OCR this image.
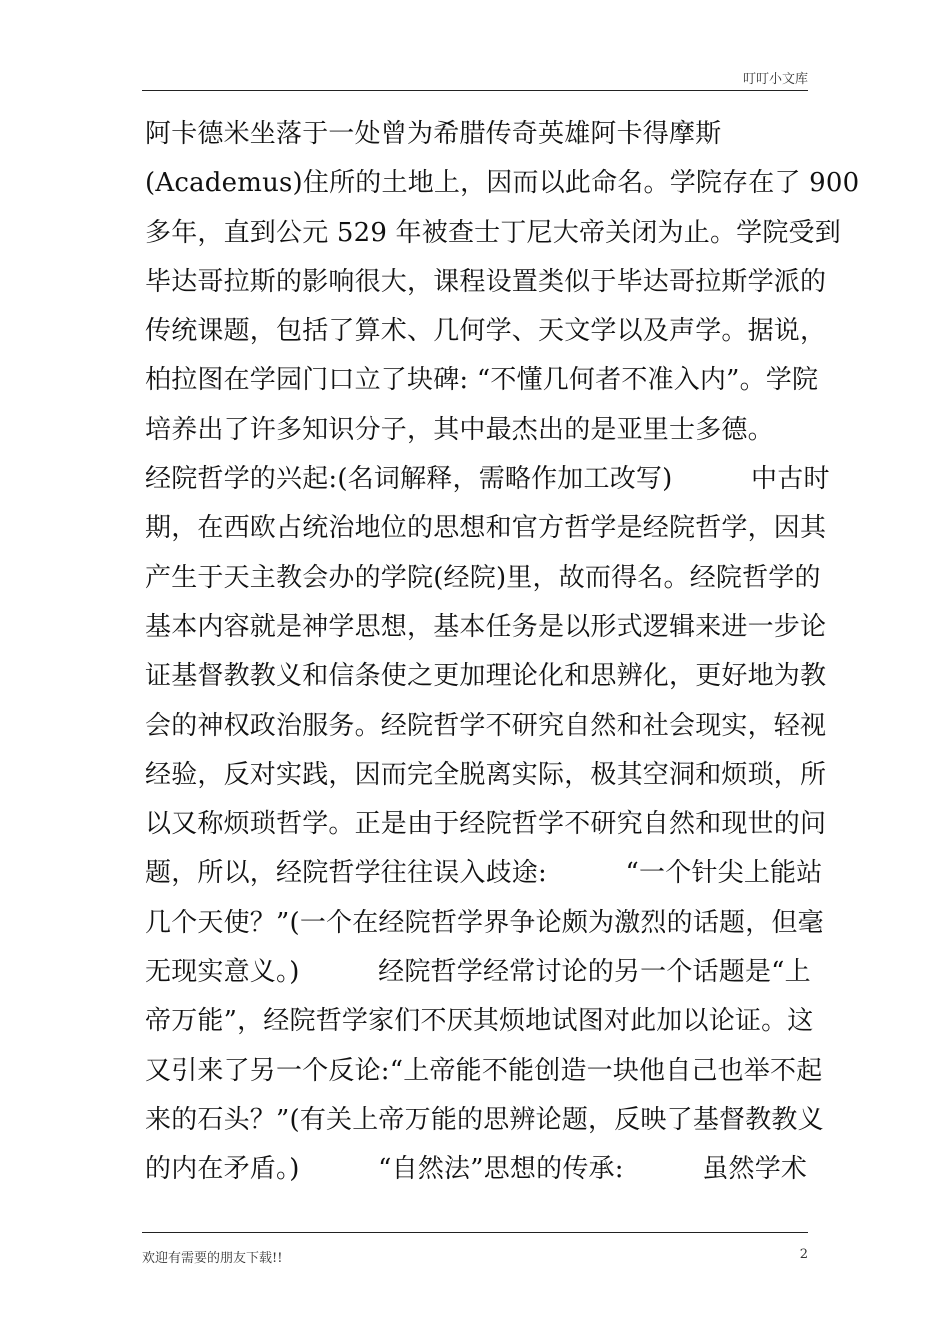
叮叮小文库
阿卡德米坐落于一处曾为希腊传奇英雄阿卡得摩斯
(Academus)住所的土地上，因而以此命名。学院存在了 900
多年，直到公元 529 年被查士丁尼大帝关闭为止。学院受到
毕达哥拉斯的影响很大，课程设置类似于毕达哥拉斯学派的
传统课题，包括了算术、几何学、天文学以及声学。据说，
柏拉图在学园门口立了块碑: “不懂几何者不准入内”。学院
培养出了许多知识分子，其中最杰出的是亚里士多德。
经院哲学的兴起:(名词解释，需略作加工改写)　　　中古时
期，在西欧占统治地位的思想和官方哲学是经院哲学，因其
产生于天主教会办的学院(经院)里，故而得名。经院哲学的
基本内容就是神学思想，基本任务是以形式逻辑来进一步论
证基督教教义和信条使之更加理论化和思辨化，更好地为教
会的神权政治服务。经院哲学不研究自然和社会现实，轻视
经验，反对实践，因而完全脱离实际，极其空洞和烦琐，所
以又称烦琐哲学。正是由于经院哲学不研究自然和现世的问
题，所以，经院哲学往往误入歧途:　　　“一个针尖上能站
几个天使？”(一个在经院哲学界争论颇为激烈的话题，但毫
无现实意义。)　　　经院哲学经常讨论的另一个话题是“上
帝万能”，经院哲学家们不厌其烦地试图对此加以论证。这
又引来了另一个反论:“上帝能不能创造一块他自己也举不起
来的石头？”(有关上帝万能的思辨论题，反映了基督教教义
的内在矛盾。)　　　“自然法”思想的传承:　　　虽然学术
欢迎有需要的朋友下载!!	2
